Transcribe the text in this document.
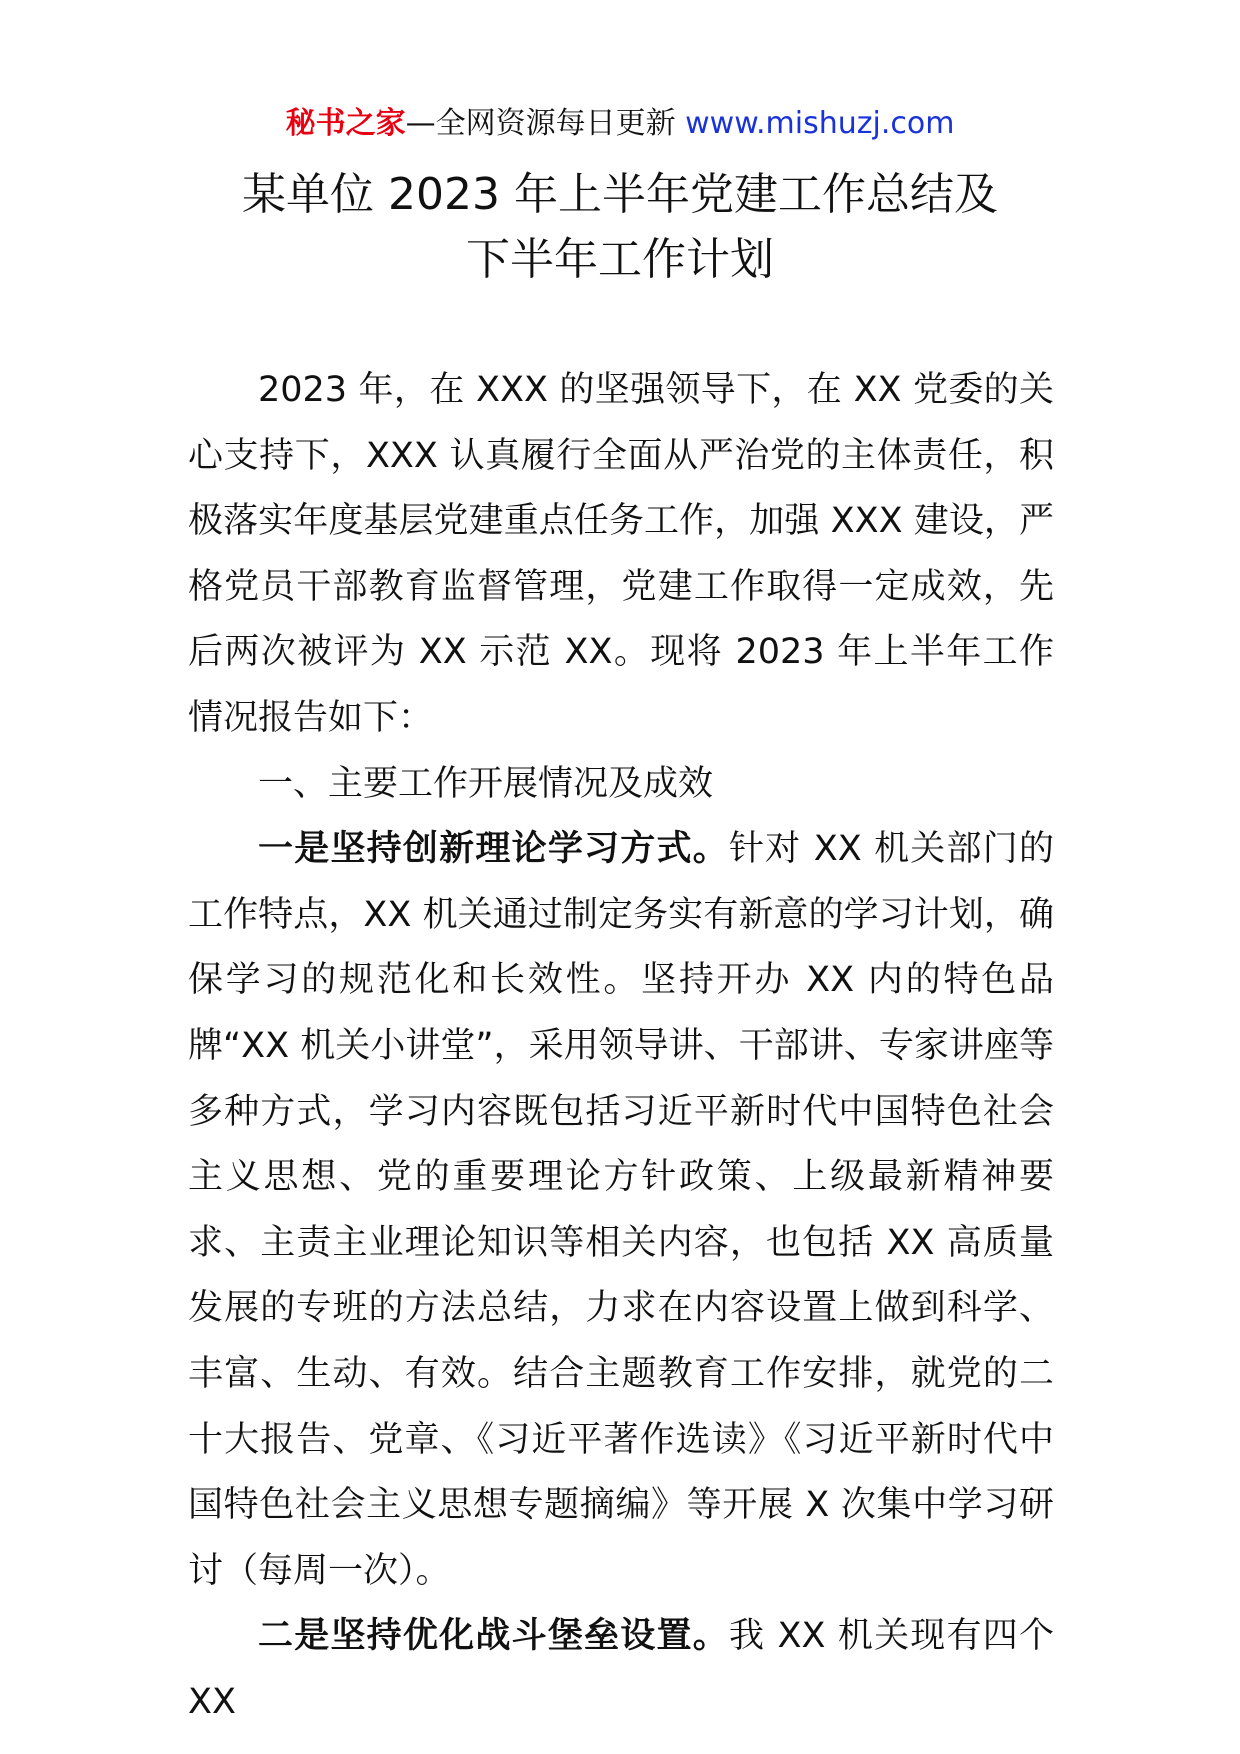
秘书之家—全网资源每日更新 www.mishuzj.com
某单位 2023 年上半年党建工作总结及
下半年工作计划

2023 年，在 XXX 的坚强领导下，在 XX 党委的关心支持下，XXX 认真履行全面从严治党的主体责任，积极落实年度基层党建重点任务工作，加强 XXX 建设，严格党员干部教育监督管理，党建工作取得一定成效，先后两次被评为 XX 示范 XX。现将 2023 年上半年工作情况报告如下：

一、主要工作开展情况及成效

一是坚持创新理论学习方式。针对 XX 机关部门的工作特点，XX 机关通过制定务实有新意的学习计划，确保学习的规范化和长效性。坚持开办 XX 内的特色品牌“XX 机关小讲堂”，采用领导讲、干部讲、专家讲座等多种方式，学习内容既包括习近平新时代中国特色社会主义思想、党的重要理论方针政策、上级最新精神要求、主责主业理论知识等相关内容，也包括 XX 高质量发展的专班的方法总结，力求在内容设置上做到科学、丰富、生动、有效。结合主题教育工作安排，就党的二十大报告、党章、《习近平著作选读》《习近平新时代中国特色社会主义思想专题摘编》等开展 X 次集中学习研讨（每周一次）。

二是坚持优化战斗堡垒设置。我 XX 机关现有四个 XX
